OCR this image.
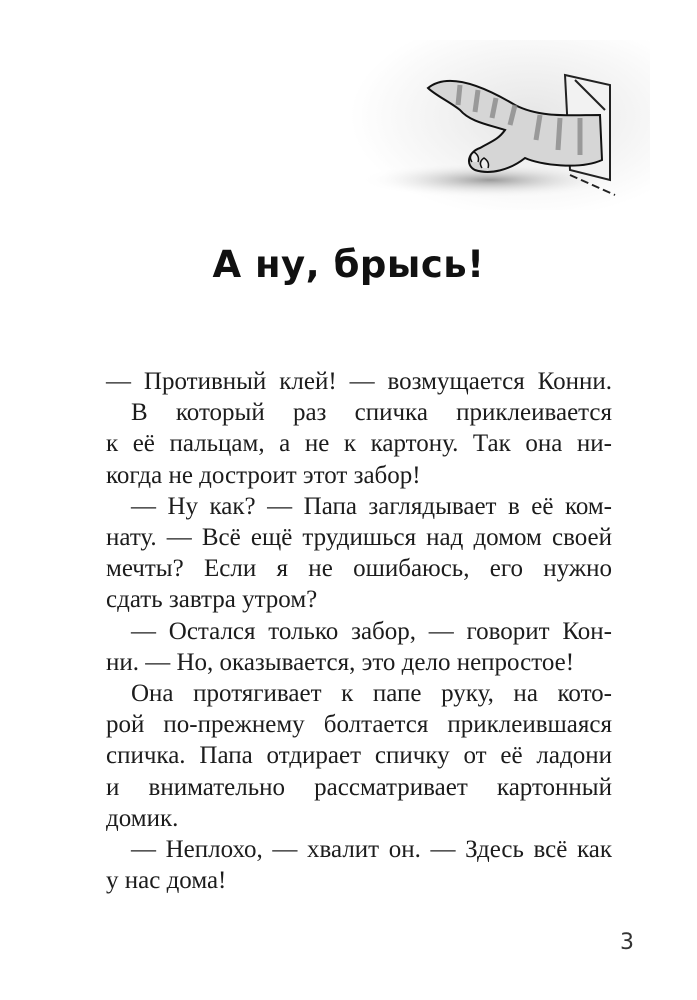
А ну, брысь!
— Противный клей! — возмущается Конни.
В который раз спичка приклеивается
к её пальцам, а не к картону. Так она ни-
когда не достроит этот забор!
— Ну как? — Папа заглядывает в её ком-
нату. — Всё ещё трудишься над домом своей
мечты? Если я не ошибаюсь, его нужно
сдать завтра утром?
— Остался только забор, — говорит Кон-
ни. — Но, оказывается, это дело непростое!
Она протягивает к папе руку, на кото-
рой по-прежнему болтается приклеившаяся
спичка. Папа отдирает спичку от её ладони
и внимательно рассматривает картонный
домик.
— Неплохо, — хвалит он. — Здесь всё как
у нас дома!
3
